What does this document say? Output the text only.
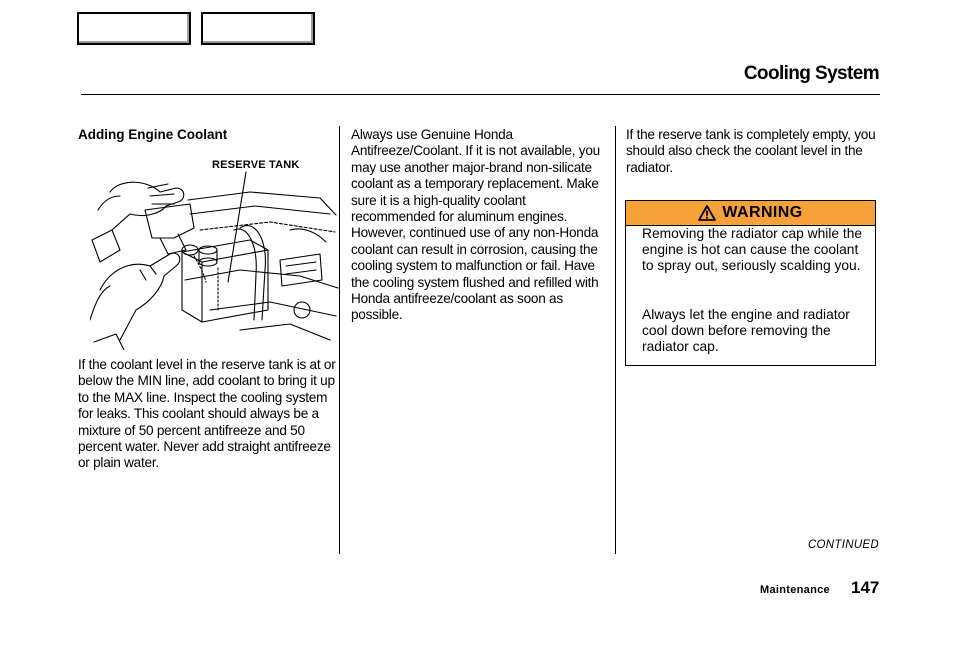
Cooling System
Adding Engine Coolant
RESERVE TANK
If the coolant level in the reserve tank is at or below the MIN line, add coolant to bring it up to the MAX line. Inspect the cooling system for leaks. This coolant should always be a mixture of 50 percent antifreeze and 50 percent water. Never add straight antifreeze or plain water.
Always use Genuine Honda Antifreeze/Coolant. If it is not available, you may use another major-brand non-silicate coolant as a temporary replacement. Make sure it is a high-quality coolant recommended for aluminum engines. However, continued use of any non-Honda coolant can result in corrosion, causing the cooling system to malfunction or fail. Have the cooling system flushed and refilled with Honda antifreeze/coolant as soon as possible.
If the reserve tank is completely empty, you should also check the coolant level in the radiator.
WARNING

Removing the radiator cap while the engine is hot can cause the coolant to spray out, seriously scalding you.

Always let the engine and radiator cool down before removing the radiator cap.

CONTINUED
Maintenance 147
